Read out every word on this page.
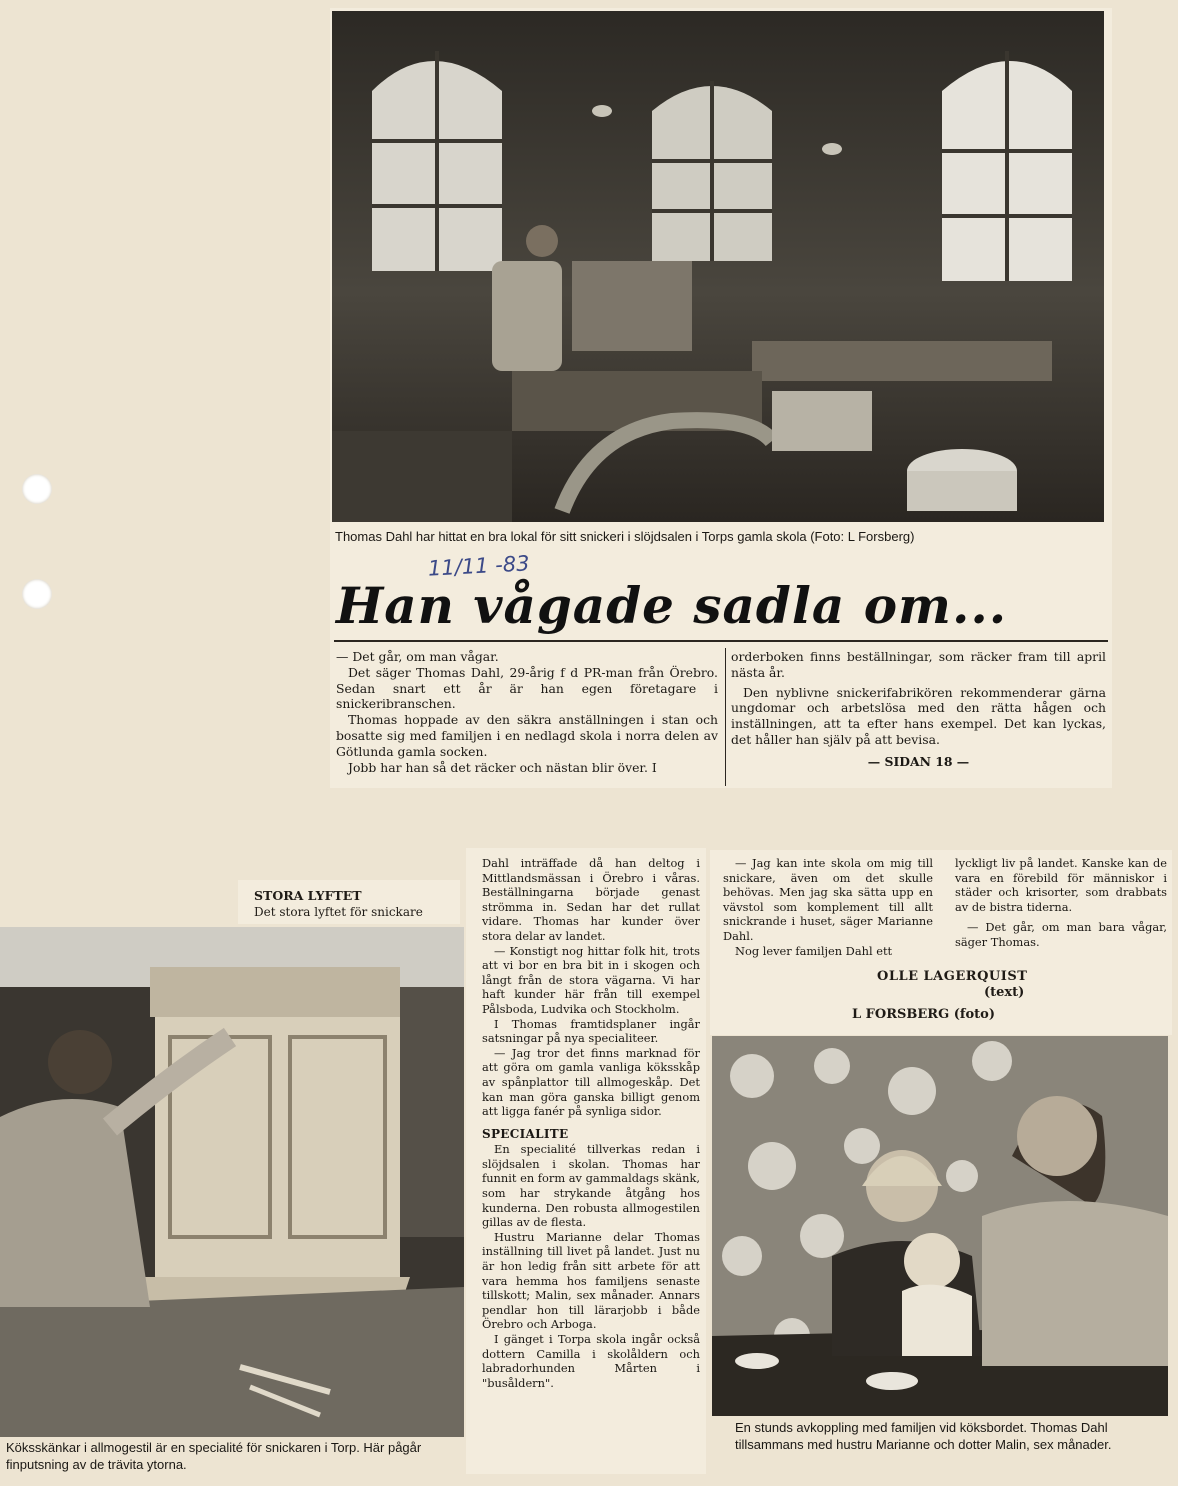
Thomas Dahl har hittat en bra lokal för sitt snickeri i slöjdsalen i Torps gamla skola (Foto: L Forsberg)
11/11 -83
Han vågade sadla om...

— Det går, om man vågar.

Det säger Thomas Dahl, 29-årig f d PR-man från Örebro. Sedan snart ett år är han egen företagare i snickeribranschen.

Thomas hoppade av den säkra anställningen i stan och bosatte sig med familjen i en nedlagd skola i norra delen av Götlunda gamla socken.

Jobb har han så det räcker och nästan blir över. I

orderboken finns beställningar, som räcker fram till april nästa år.

Den nyblivne snickerifabrikören rekommenderar gärna ungdomar och arbetslösa med den rätta hågen och inställningen, att ta efter hans exempel. Det kan lyckas, det håller han själv på att bevisa.

— SIDAN 18 —

STORA LYFTET
Det stora lyftet för snickare
Köksskänkar i allmogestil är en specialité för snickaren i Torp. Här pågår finputsning av de trävita ytorna.

Dahl inträffade då han deltog i Mittlandsmässan i Örebro i våras. Beställningarna började genast strömma in. Sedan har det rullat vidare. Thomas har kunder över stora delar av landet.

— Konstigt nog hittar folk hit, trots att vi bor en bra bit in i skogen och långt från de stora vägarna. Vi har haft kunder här från till exempel Pålsboda, Ludvika och Stockholm.

I Thomas framtidsplaner ingår satsningar på nya specialiteer.

— Jag tror det finns marknad för att göra om gamla vanliga köksskåp av spånplattor till allmogeskåp. Det kan man göra ganska billigt genom att ligga fanér på synliga sidor.

SPECIALITE

En specialité tillverkas redan i slöjdsalen i skolan. Thomas har funnit en form av gammaldags skänk, som har strykande åtgång hos kunderna. Den robusta allmogestilen gillas av de flesta.

Hustru Marianne delar Thomas inställning till livet på landet. Just nu är hon ledig från sitt arbete för att vara hemma hos familjens senaste tillskott; Malin, sex månader. Annars pendlar hon till lärarjobb i både Örebro och Arboga.

I gänget i Torpa skola ingår också dottern Camilla i skolåldern och labradorhunden Mårten i "busåldern".

— Jag kan inte skola om mig till snickare, även om det skulle behövas. Men jag ska sätta upp en vävstol som komplement till allt snickrande i huset, säger Marianne Dahl.

Nog lever familjen Dahl ett

lyckligt liv på landet. Kanske kan de vara en förebild för människor i städer och krisorter, som drabbats av de bistra tiderna.

— Det går, om man bara vågar, säger Thomas.

OLLE LAGERQUIST
(text)
L FORSBERG (foto)
En stunds avkoppling med familjen vid köksbordet. Thomas Dahl tillsammans med hustru Marianne och dotter Malin, sex månader.
